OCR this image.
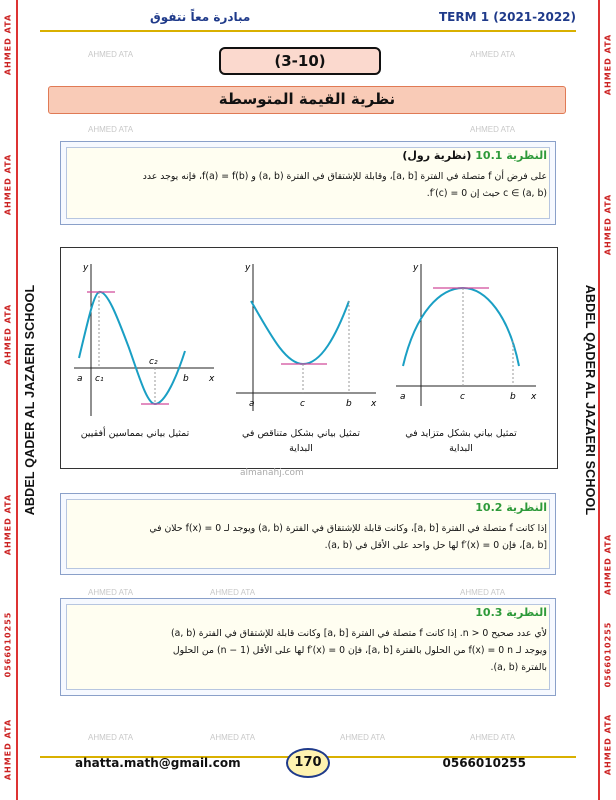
AHMED ATA
AHMED ATA
AHMED ATA
AHMED ATA
0566010255
AHMED ATA
AHMED ATA
AHMED ATA
AHMED ATA
0566010255
AHMED ATA
ABDEL QADER AL JAZAERI SCHOOL	ABDEL QADER AL JAZAERI SCHOOL
مبادرة معاً نتفوق	TERM 1 (2021-2022)
AHMED ATA	AHMED ATA
AHMED ATA	AHMED ATA
AHMED ATA	AHMED ATA	AHMED ATA
AHMED ATA	AHMED ATA	AHMED ATA	AHMED ATA
(3-10)
نظرية القيمة المتوسطة
النظرية 10.1 (نظرية رول)
على فرض أن f متصلة في الفترة [a, b]، وقابلة للإشتقاق في الفترة (a, b) و f(a) = f(b)، فإنه يوجد عدد
c ∈ (a, b) حيث إن f′(c) = 0.
y
x
a c₁
c₂
b
y
x
a	c	b
y
x
a	c	b
تمثيل بياني بشكل متزايد في البداية
تمثيل بياني بشكل متناقص في البداية
تمثيل بياني بمماسين أفقيين
almanahj.com
النظرية 10.2
إذا كانت f متصلة في الفترة [a, b]، وكانت قابلة للإشتقاق في الفترة (a, b) ويوجد لـ f(x) = 0 حلان في
[a, b]، فإن f′(x) = 0 لها حل واحد على الأقل في (a, b).
النظرية 10.3
لأي عدد صحيح n > 0. إذا كانت f متصلة في الفترة [a, b] وكانت قابلة للإشتقاق في الفترة (a, b)
ويوجد لـ f(x) = 0 n من الحلول بالفترة [a, b]، فإن f′(x) = 0 لها على الأقل (n − 1) من الحلول
بالفترة (a, b).
ahatta.math@gmail.com	0566010255
170
